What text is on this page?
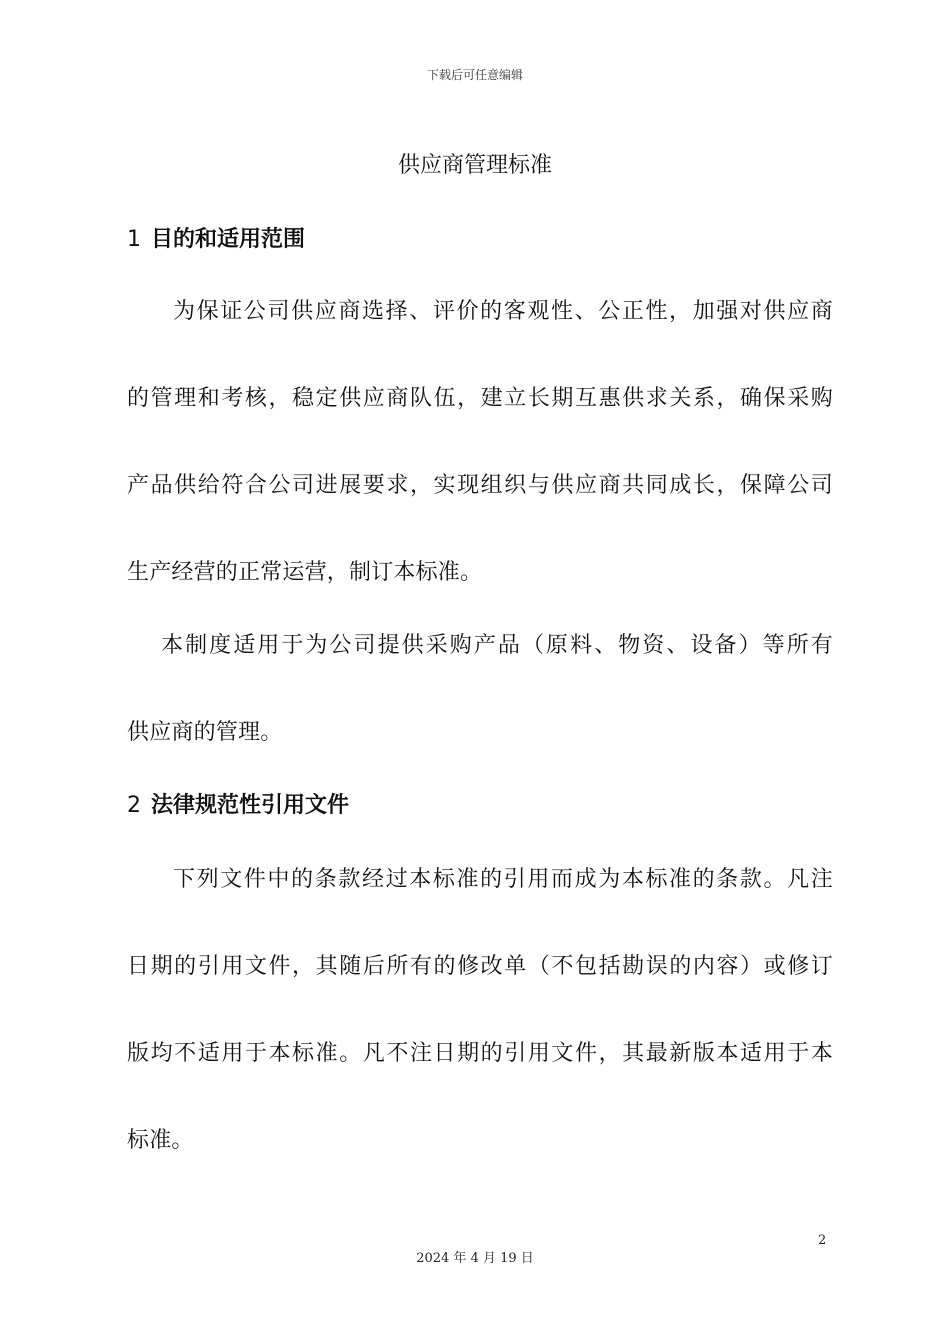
下载后可任意编辑
供应商管理标准
1 目的和适用范围
为保证公司供应商选择、评价的客观性、公正性，加强对供应商
的管理和考核，稳定供应商队伍，建立长期互惠供求关系，确保采购
产品供给符合公司进展要求，实现组织与供应商共同成长，保障公司
生产经营的正常运营，制订本标准。
本制度适用于为公司提供采购产品（原料、物资、设备）等所有
供应商的管理。
2 法律规范性引用文件
下列文件中的条款经过本标准的引用而成为本标准的条款。凡注
日期的引用文件，其随后所有的修改单（不包括勘误的内容）或修订
版均不适用于本标准。凡不注日期的引用文件，其最新版本适用于本
标准。
2
2024 年 4 月 19 日
